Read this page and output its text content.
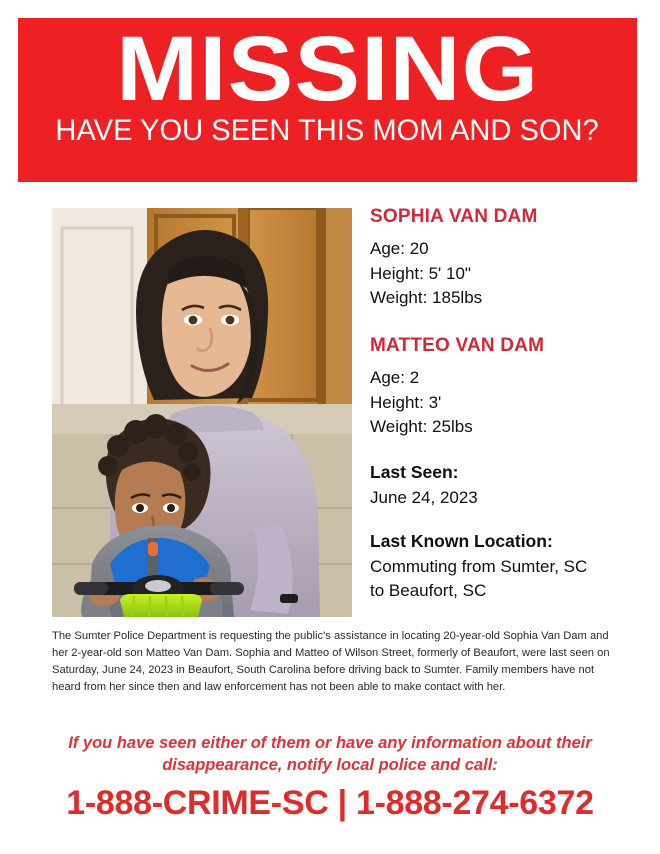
MISSING
HAVE YOU SEEN THIS MOM AND SON?
SOPHIA VAN DAM
Age: 20
Height: 5' 10"
Weight: 185lbs
MATTEO VAN DAM
Age: 2
Height: 3'
Weight: 25lbs
Last Seen:
June 24, 2023
Last Known Location:
Commuting from Sumter, SC
to Beaufort, SC
The Sumter Police Department is requesting the public's assistance in locating 20-year-old Sophia Van Dam and her 2-year-old son Matteo Van Dam. Sophia and Matteo of Wilson Street, formerly of Beaufort, were last seen on Saturday, June 24, 2023 in Beaufort, South Carolina before driving back to Sumter. Family members have not heard from her since then and law enforcement has not been able to make contact with her.
If you have seen either of them or have any information about their disappearance, notify local police and call:
1-888-CRIME-SC | 1-888-274-6372
